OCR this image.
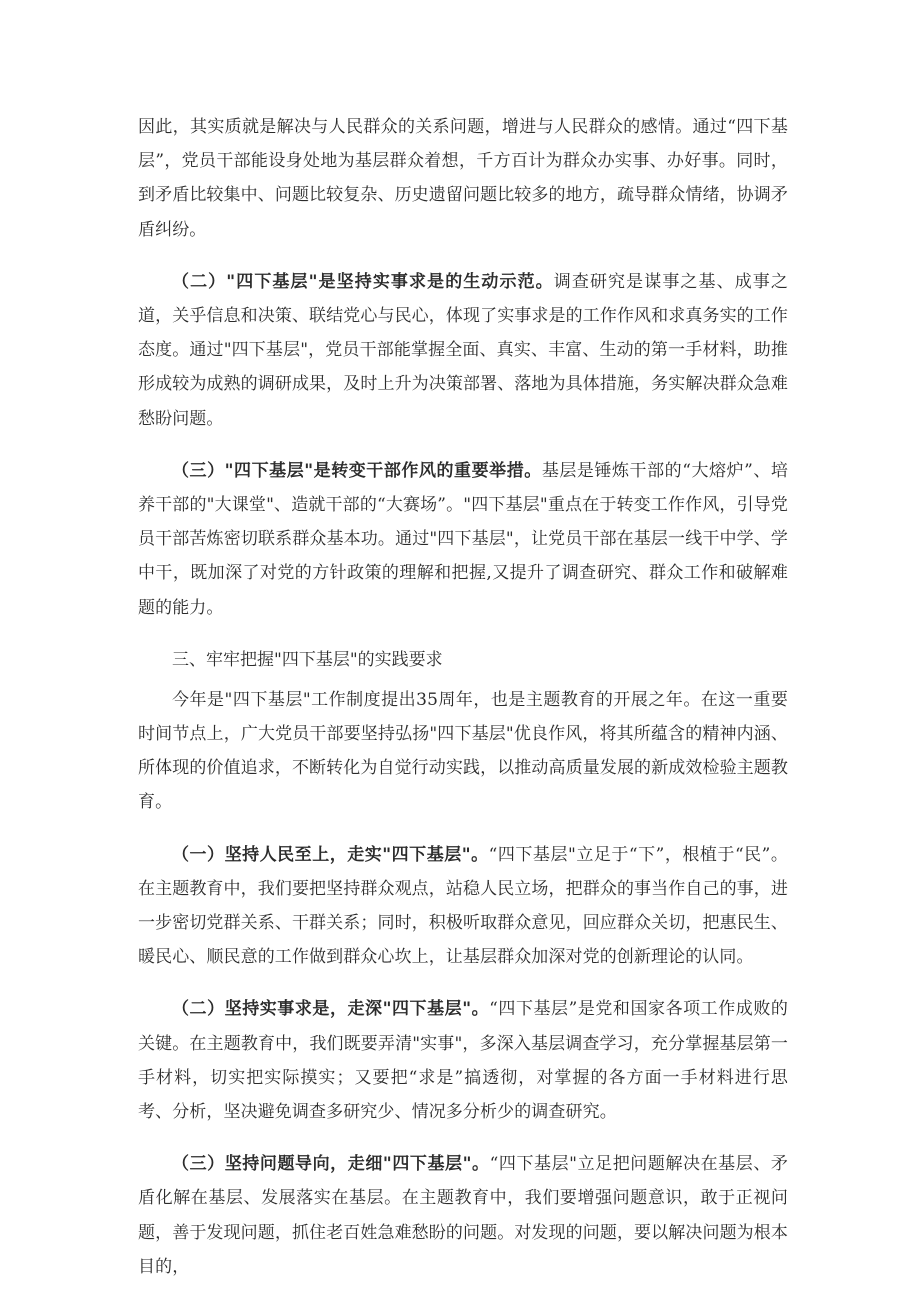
因此，其实质就是解决与人民群众的关系问题，增进与人民群众的感情。通过“四下基层”，党员干部能设身处地为基层群众着想，千方百计为群众办实事、办好事。同时，到矛盾比较集中、问题比较复杂、历史遗留问题比较多的地方，疏导群众情绪，协调矛盾纠纷。

（二）"四下基层"是坚持实事求是的生动示范。调查研究是谋事之基、成事之道，关乎信息和决策、联结党心与民心，体现了实事求是的工作作风和求真务实的工作态度。通过"四下基层"，党员干部能掌握全面、真实、丰富、生动的第一手材料，助推形成较为成熟的调研成果，及时上升为决策部署、落地为具体措施，务实解决群众急难愁盼问题。

（三）"四下基层"是转变干部作风的重要举措。基层是锤炼干部的“大熔炉”、培养干部的"大课堂"、造就干部的“大赛场”。"四下基层"重点在于转变工作作风，引导党员干部苦炼密切联系群众基本功。通过"四下基层"，让党员干部在基层一线干中学、学中干，既加深了对党的方针政策的理解和把握,又提升了调查研究、群众工作和破解难题的能力。

三、牢牢把握"四下基层"的实践要求

今年是"四下基层"工作制度提出35周年，也是主题教育的开展之年。在这一重要时间节点上，广大党员干部要坚持弘扬"四下基层"优良作风，将其所蕴含的精神内涵、所体现的价值追求，不断转化为自觉行动实践，以推动高质量发展的新成效检验主题教育。

（一）坚持人民至上，走实"四下基层"。“四下基层"立足于“下”，根植于“民”。在主题教育中，我们要把坚持群众观点，站稳人民立场，把群众的事当作自己的事，进一步密切党群关系、干群关系；同时，积极听取群众意见，回应群众关切，把惠民生、暖民心、顺民意的工作做到群众心坎上，让基层群众加深对党的创新理论的认同。

（二）坚持实事求是，走深"四下基层"。“四下基层”是党和国家各项工作成败的关键。在主题教育中，我们既要弄清"实事"，多深入基层调查学习，充分掌握基层第一手材料，切实把实际摸实；又要把“求是”搞透彻，对掌握的各方面一手材料进行思考、分析，坚决避免调查多研究少、情况多分析少的调查研究。

（三）坚持问题导向，走细"四下基层"。“四下基层"立足把问题解决在基层、矛盾化解在基层、发展落实在基层。在主题教育中，我们要增强问题意识，敢于正视问题，善于发现问题，抓住老百姓急难愁盼的问题。对发现的问题，要以解决问题为根本目的，
